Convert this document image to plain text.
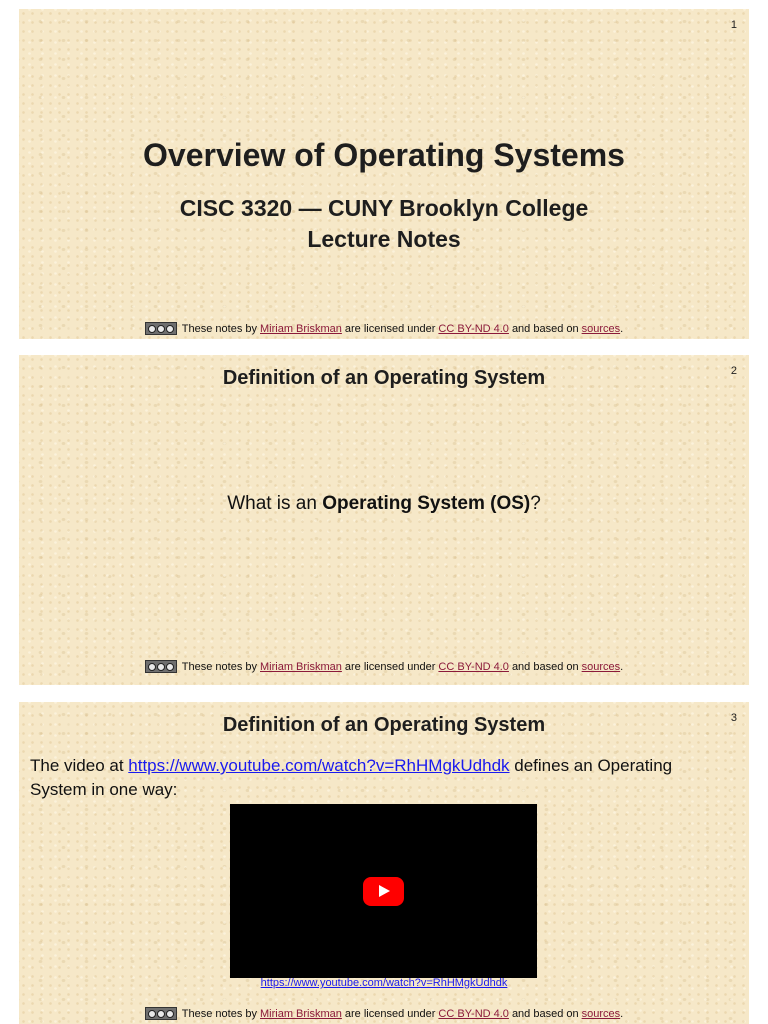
1
Overview of Operating Systems
CISC 3320 — CUNY Brooklyn College
Lecture Notes
These notes by Miriam Briskman are licensed under CC BY-ND 4.0 and based on sources .
2
Definition of an Operating System
What is an Operating System (OS)?
These notes by Miriam Briskman are licensed under CC BY-ND 4.0 and based on sources .
3
Definition of an Operating System
The video at https://www.youtube.com/watch?v=RhHMgkUdhdk defines an Operating System in one way:
https://www.youtube.com/watch?v=RhHMgkUdhdk
These notes by Miriam Briskman are licensed under CC BY-ND 4.0 and based on sources .
